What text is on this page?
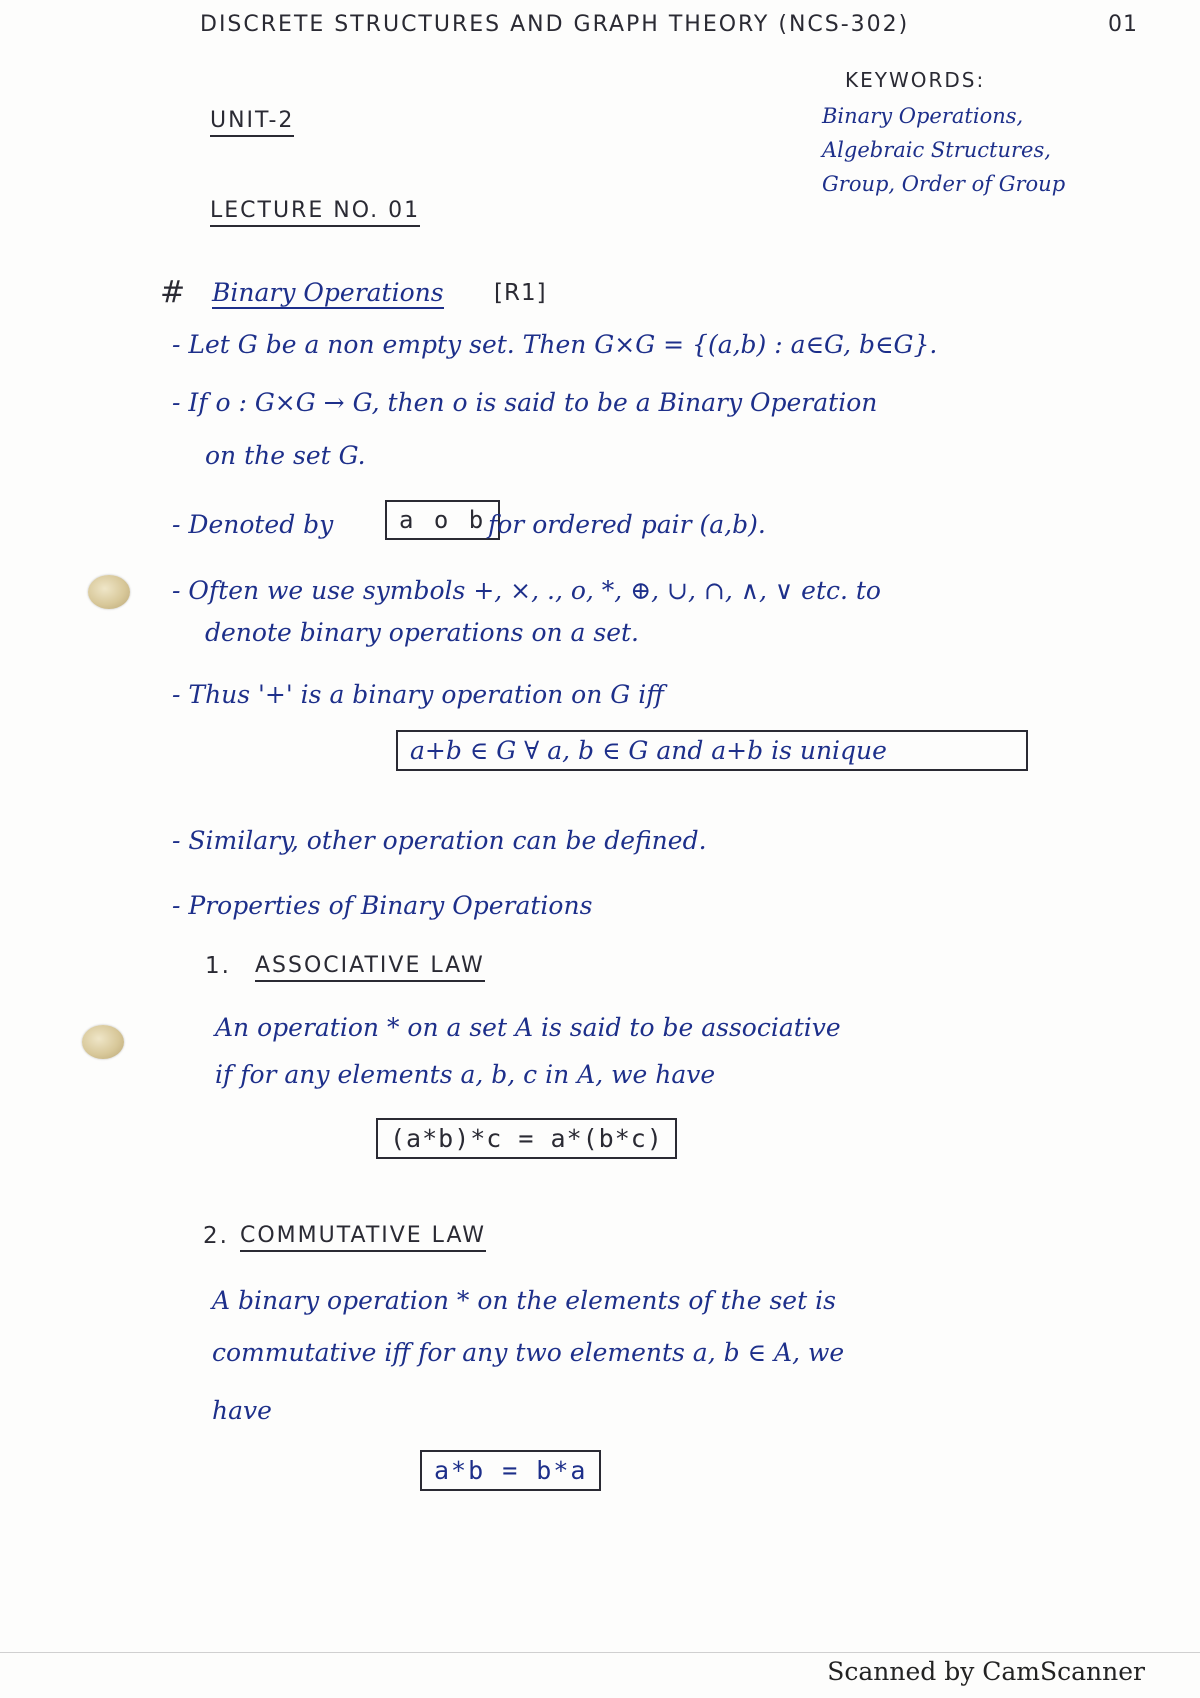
DISCRETE STRUCTURES AND GRAPH THEORY (NCS-302)	01
KEYWORDS:
Binary Operations,
Algebraic Structures,
Group, Order of Group
UNIT-2
LECTURE NO. 01
# Binary Operations [R1]
- Let G be a non empty set. Then G×G = {(a,b) : a∈G, b∈G}.
- If o : G×G → G, then o is said to be a Binary Operation
on the set G.
- Denoted by	a o b for ordered pair (a,b).
- Often we use symbols +, ×, ., o, *, ⊕, ∪, ∩, ∧, ∨ etc. to
denote binary operations on a set.
- Thus '+' is a binary operation on G iff
a+b ∈ G ∀ a, b ∈ G and a+b is unique
- Similary, other operation can be defined.
- Properties of Binary Operations
1. ASSOCIATIVE LAW
An operation * on a set A is said to be associative
if for any elements a, b, c in A, we have
(a*b)*c = a*(b*c)
2. COMMUTATIVE LAW
A binary operation * on the elements of the set is
commutative iff for any two elements a, b ∈ A, we
have
a*b = b*a
Scanned by CamScanner
